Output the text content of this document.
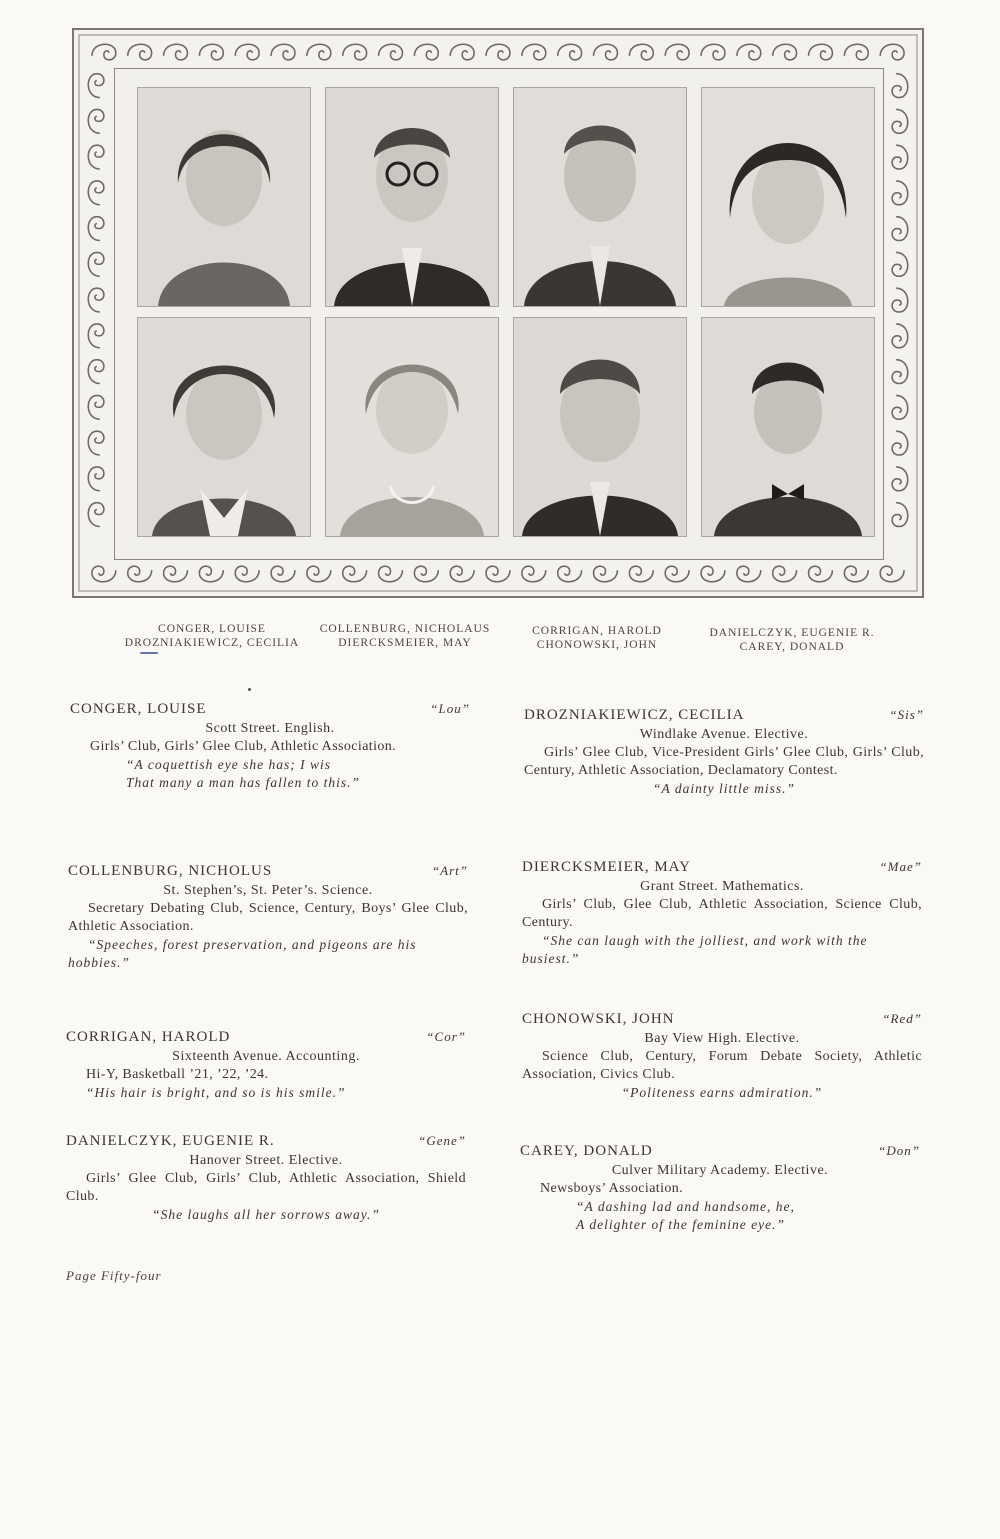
CONGER, LOUISE
DROZNIAKIEWICZ, CECILIA
COLLENBURG, NICHOLAUS
DIERCKSMEIER, MAY
CORRIGAN, HAROLD
CHONOWSKI, JOHN
DANIELCZYK, EUGENIE R.
CAREY, DONALD
CONGER, LOUISE	“Lou”
Scott Street. English.
Girls’ Club, Girls’ Glee Club, Athletic Association.
“A coquettish eye she has; I wis
That many a man has fallen to this.”
COLLENBURG, NICHOLUS	“Art”
St. Stephen’s, St. Peter’s. Science.
Secretary Debating Club, Science, Century, Boys’ Glee Club, Athletic Association.
“Speeches, forest preservation, and pigeons are his hobbies.”
CORRIGAN, HAROLD	“Cor”
Sixteenth Avenue. Accounting.
Hi-Y, Basketball ’21, ’22, ’24.
“His hair is bright, and so is his smile.”
DANIELCZYK, EUGENIE R.	“Gene”
Hanover Street. Elective.
Girls’ Glee Club, Girls’ Club, Athletic Association, Shield Club.
“She laughs all her sorrows away.”
DROZNIAKIEWICZ, CECILIA	“Sis”
Windlake Avenue. Elective.
Girls’ Glee Club, Vice-President Girls’ Glee Club, Girls’ Club, Century, Athletic Association, Declamatory Contest.
“A dainty little miss.”
DIERCKSMEIER, MAY	“Mae”
Grant Street. Mathematics.
Girls’ Club, Glee Club, Athletic Association, Science Club, Century.
“She can laugh with the jolliest, and work with the busiest.”
CHONOWSKI, JOHN	“Red”
Bay View High. Elective.
Science Club, Century, Forum Debate Society, Athletic Association, Civics Club.
“Politeness earns admiration.”
CAREY, DONALD	“Don”
Culver Military Academy. Elective.
Newsboys’ Association.
“A dashing lad and handsome, he,
A delighter of the feminine eye.”
Page Fifty-four
